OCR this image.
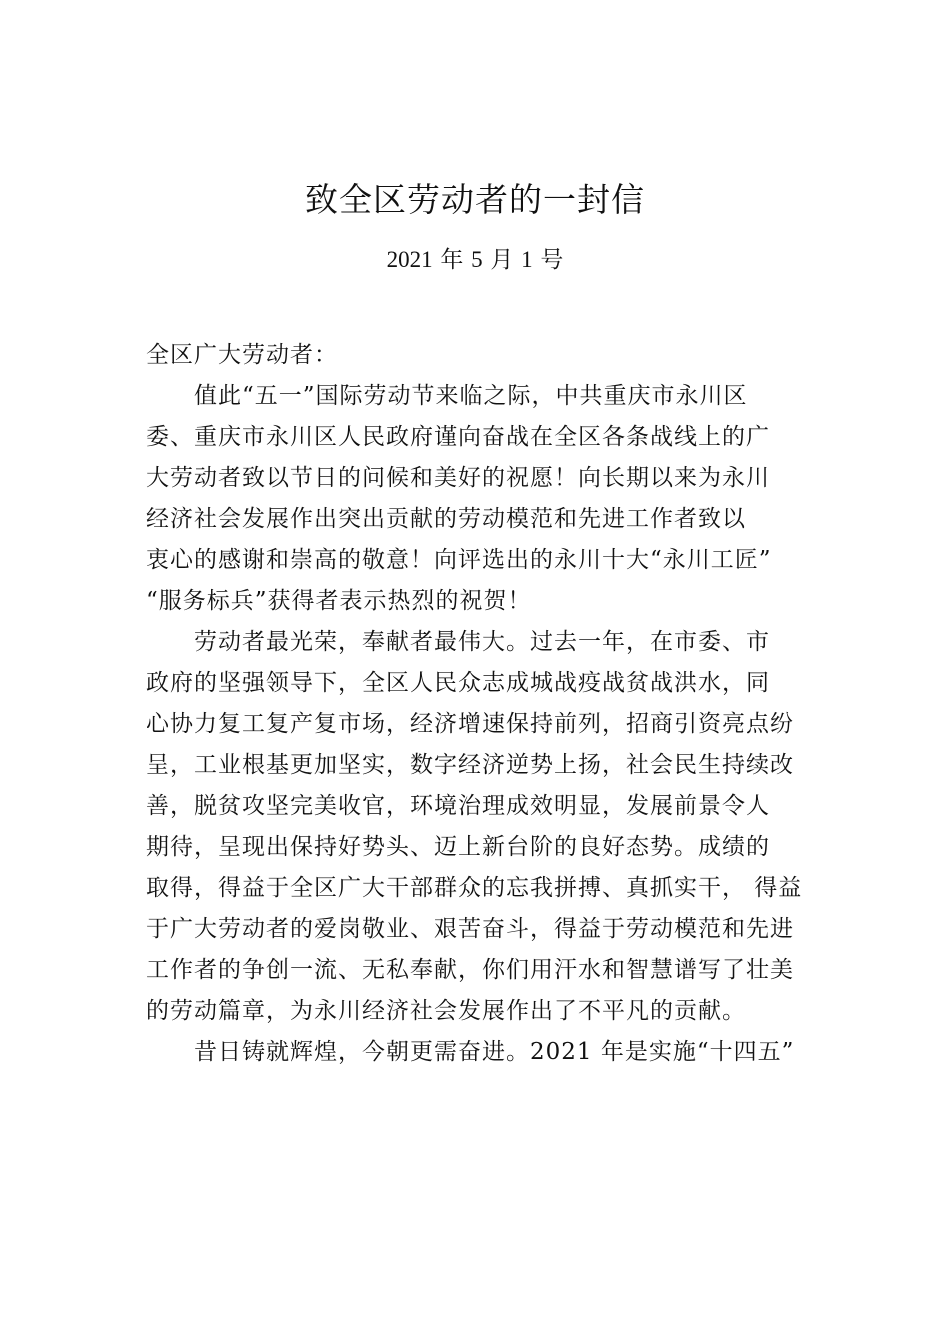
致全区劳动者的一封信
2021 年 5 月 1 号
全区广大劳动者：
值此“五一”国际劳动节来临之际，中共重庆市永川区
委、重庆市永川区人民政府谨向奋战在全区各条战线上的广
大劳动者致以节日的问候和美好的祝愿！向长期以来为永川
经济社会发展作出突出贡献的劳动模范和先进工作者致以
衷心的感谢和崇高的敬意！向评选出的永川十大“永川工匠”
“服务标兵”获得者表示热烈的祝贺！
劳动者最光荣，奉献者最伟大。过去一年，在市委、市
政府的坚强领导下，全区人民众志成城战疫战贫战洪水，同
心协力复工复产复市场，经济增速保持前列，招商引资亮点纷
呈，工业根基更加坚实，数字经济逆势上扬，社会民生持续改
善，脱贫攻坚完美收官，环境治理成效明显，发展前景令人
期待，呈现出保持好势头、迈上新台阶的良好态势。成绩的
取得，得益于全区广大干部群众的忘我拼搏、真抓实干， 得益
于广大劳动者的爱岗敬业、艰苦奋斗，得益于劳动模范和先进
工作者的争创一流、无私奉献，你们用汗水和智慧谱写了壮美
的劳动篇章，为永川经济社会发展作出了不平凡的贡献。
昔日铸就辉煌，今朝更需奋进。2021 年是实施“十四五”
